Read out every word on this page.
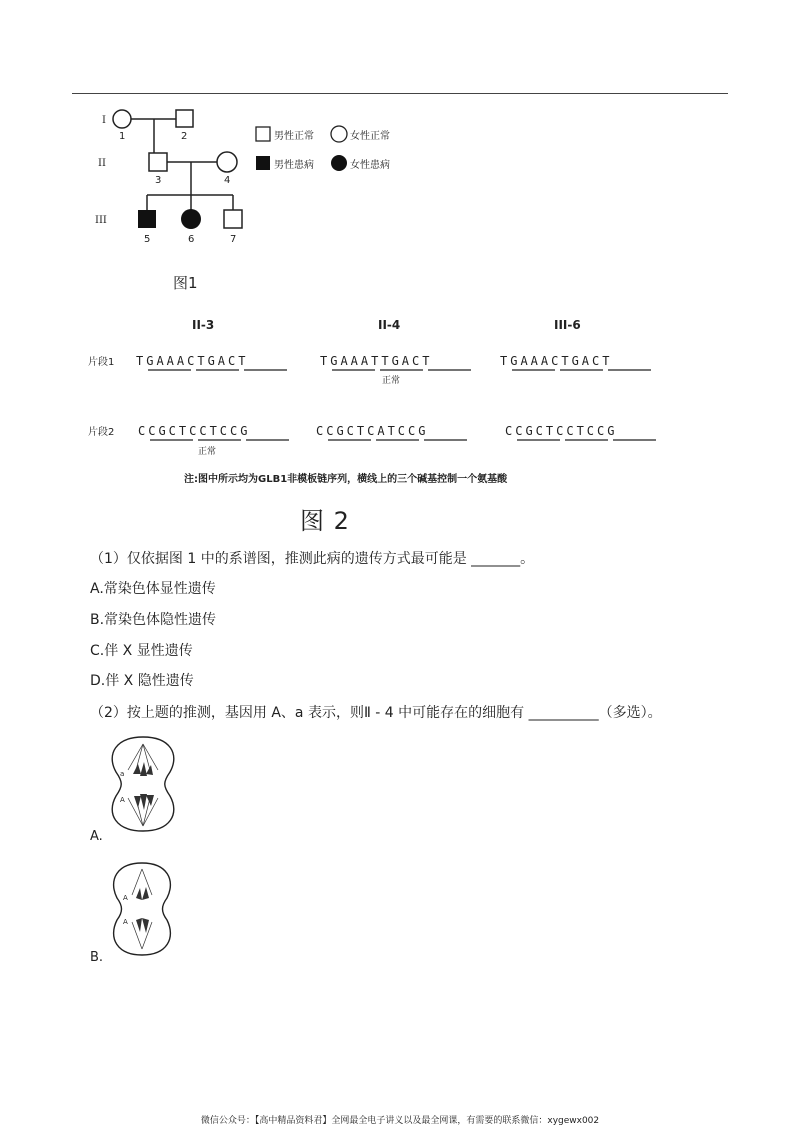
I
II
III
1	2
3	4
5	6	7
男性正常	女性正常
男性患病	女性患病
图1
II-3	II-4	III-6
片段1
片段2
TGAAACTGACT	TGAAATTGACT	TGAAACTGACT
CCGCTCCTCCG	CCGCTCATCCG	CCGCTCCTCCG
正常
正常
注:图中所示均为GLB1非模板链序列，横线上的三个碱基控制一个氨基酸
图 2
（1）仅依据图 1 中的系谱图，推测此病的遗传方式最可能是 _______。
A.常染色体显性遗传
B.常染色体隐性遗传
C.伴 X 显性遗传
D.伴 X 隐性遗传
（2）按上题的推测，基因用 A、a 表示，则Ⅱ - 4 中可能存在的细胞有 __________（多选）。
a
A
A.
A
A
B.
微信公众号：【高中精品资料君】全网最全电子讲义以及最全网课，有需要的联系微信：xygewx002
